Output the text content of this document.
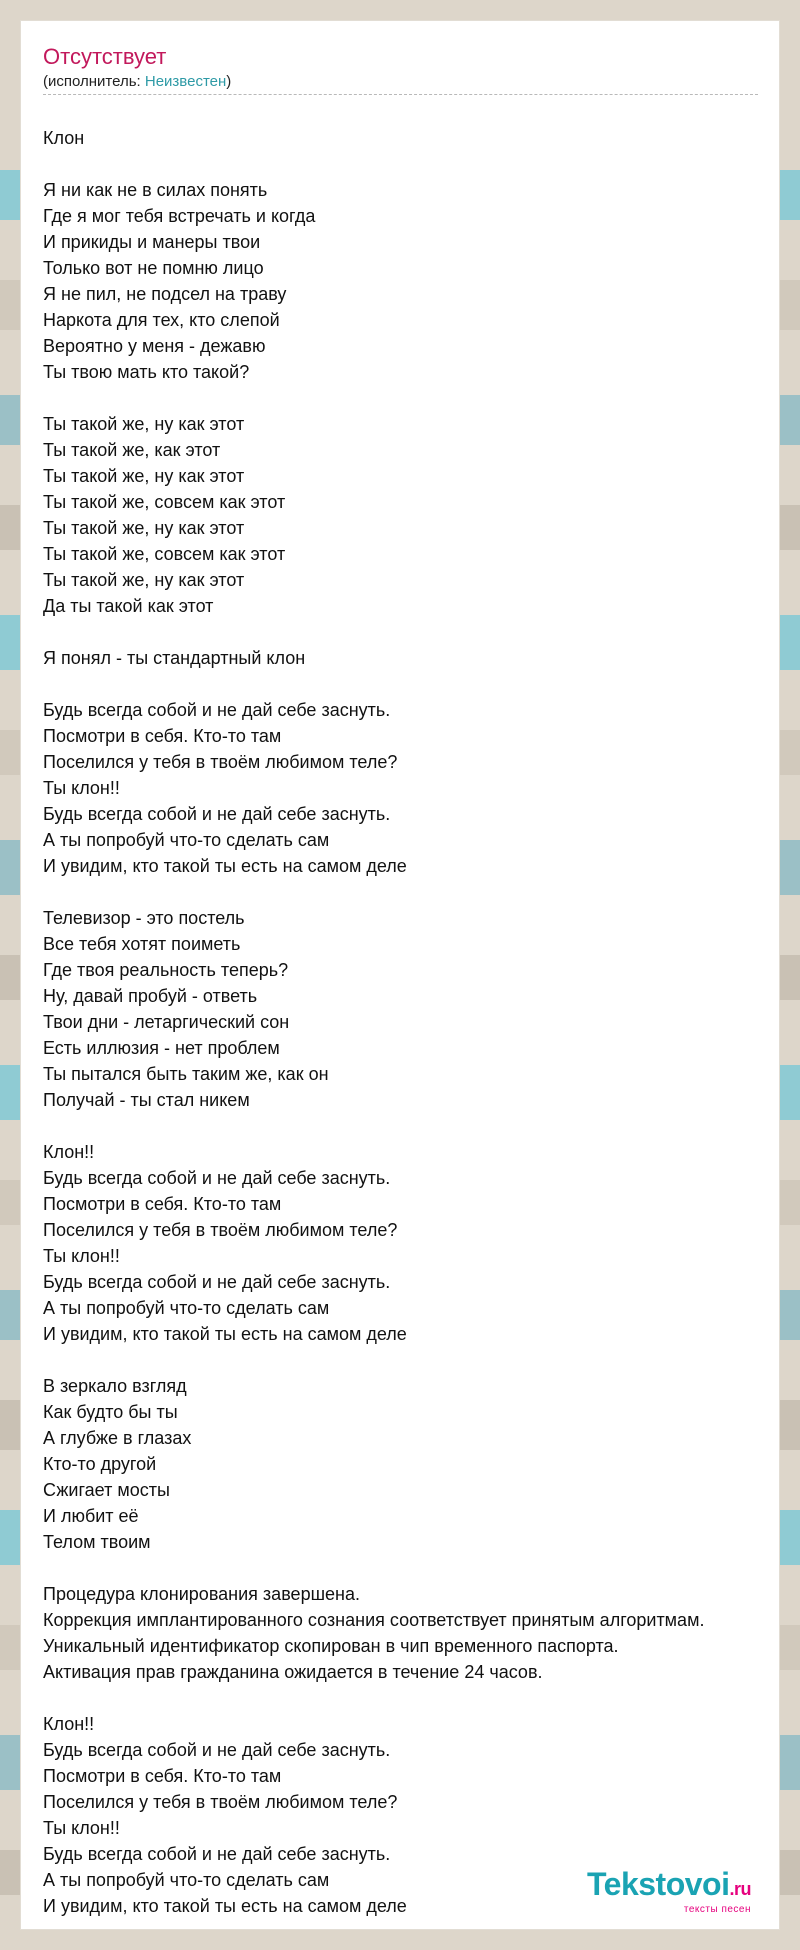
Отсутствует
(исполнитель: Неизвестен)
Клон
Я ни как не в силах понять
Где я мог тебя встречать и когда
И прикиды и манеры твои
Только вот не помню лицо
Я не пил, не подсел на траву
Наркота для тех, кто слепой
Вероятно у меня - дежавю
Ты твою мать кто такой?
Ты такой же, ну как этот
Ты такой же, как этот
Ты такой же, ну как этот
Ты такой же, совсем как этот
Ты такой же, ну как этот
Ты такой же, совсем как этот
Ты такой же, ну как этот
Да ты такой как этот
Я понял - ты стандартный клон
Будь всегда собой и не дай себе заснуть.
Посмотри в себя. Кто-то там
Поселился у тебя в твоём любимом теле?
Ты клон!!
Будь всегда собой и не дай себе заснуть.
А ты попробуй что-то сделать сам
И увидим, кто такой ты есть на самом деле
Телевизор - это постель
Все тебя хотят поиметь
Где твоя реальность теперь?
Ну, давай пробуй - ответь
Твои дни - летаргический сон
Есть иллюзия - нет проблем
Ты пытался быть таким же, как он
Получай - ты стал никем
Клон!!
Будь всегда собой и не дай себе заснуть.
Посмотри в себя. Кто-то там
Поселился у тебя в твоём любимом теле?
Ты клон!!
Будь всегда собой и не дай себе заснуть.
А ты попробуй что-то сделать сам
И увидим, кто такой ты есть на самом деле
В зеркало взгляд
Как будто бы ты
А глубже в глазах
Кто-то другой
Сжигает мосты
И любит её
Телом твоим
Процедура клонирования завершена.
Коррекция имплантированного сознания соответствует принятым алгоритмам.
Уникальный идентификатор скопирован в чип временного паспорта.
Активация прав гражданина ожидается в течение 24 часов.
Клон!!
Будь всегда собой и не дай себе заснуть.
Посмотри в себя. Кто-то там
Поселился у тебя в твоём любимом теле?
Ты клон!!
Будь всегда собой и не дай себе заснуть.
А ты попробуй что-то сделать сам
И увидим, кто такой ты есть на самом деле
Tekstovoi.ru
тексты песен
